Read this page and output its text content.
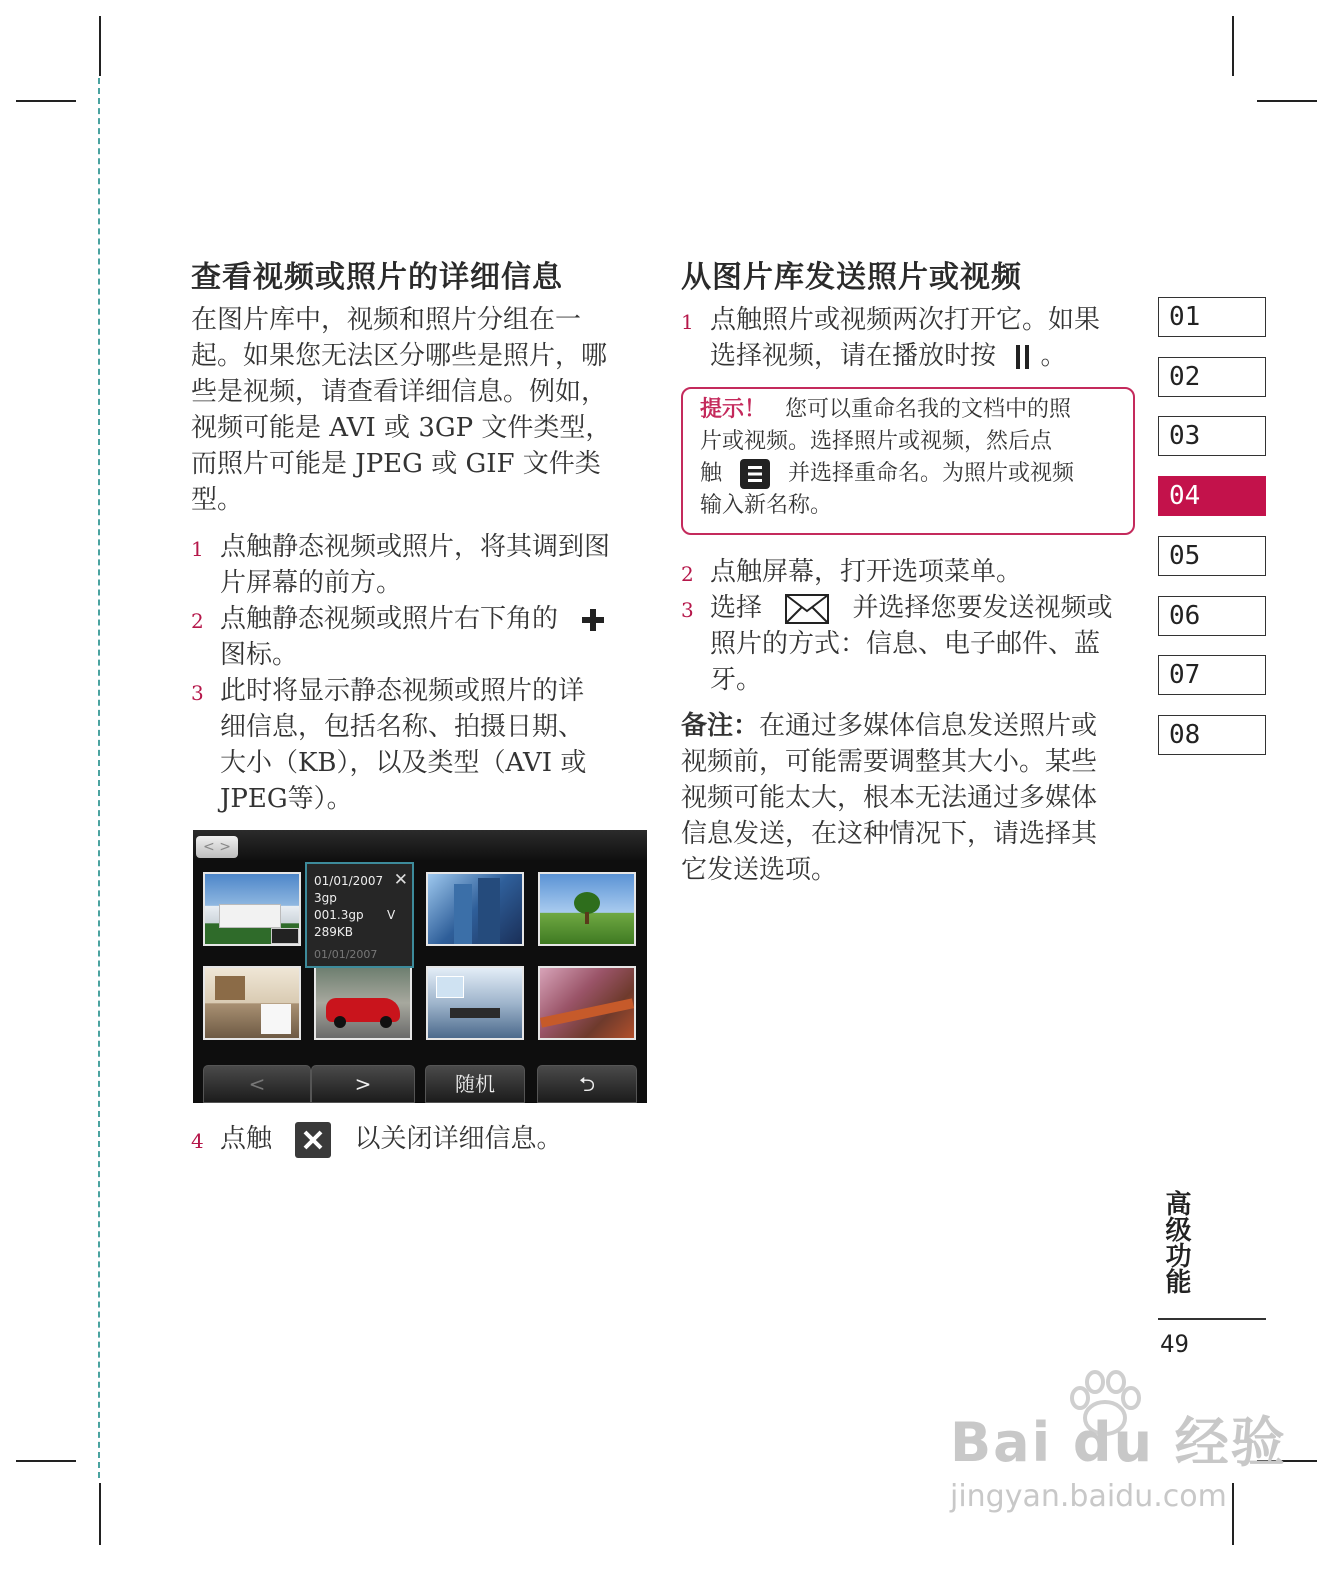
查看视频或照片的详细信息
在图片库中，视频和照片分组在一
起。如果您无法区分哪些是照片，哪
些是视频，请查看详细信息。例如，
视频可能是 AVI 或 3GP 文件类型，
而照片可能是 JPEG 或 GIF 文件类
型。
1 点触静态视频或照片，将其调到图
片屏幕的前方。
2 点触静态视频或照片右下角的
图标。
3 此时将显示静态视频或照片的详
细信息，包括名称、拍摄日期、
大小（KB），以及类型（AVI 或
JPEG等）。
< >
✕
01/01/2007
3gp
001.3gp V
289KB
01/01/2007
<	>	随机	⮌
4 点触	以关闭详细信息。
从图片库发送照片或视频
1 点触照片或视频两次打开它。如果
选择视频，请在播放时按 。
提示！ 您可以重命名我的文档中的照
片或视频。选择照片或视频，然后点
触	并选择重命名。为照片或视频
输入新名称。
2 点触屏幕，打开选项菜单。
3 选择	并选择您要发送视频或
照片的方式：信息、电子邮件、蓝
牙。
备注：在通过多媒体信息发送照片或
视频前，可能需要调整其大小。某些
视频可能太大，根本无法通过多媒体
信息发送，在这种情况下，请选择其
它发送选项。
01
02
03
04
05
06
07
08
高级功能
49
Bai du 经验
jingyan.baidu.com
